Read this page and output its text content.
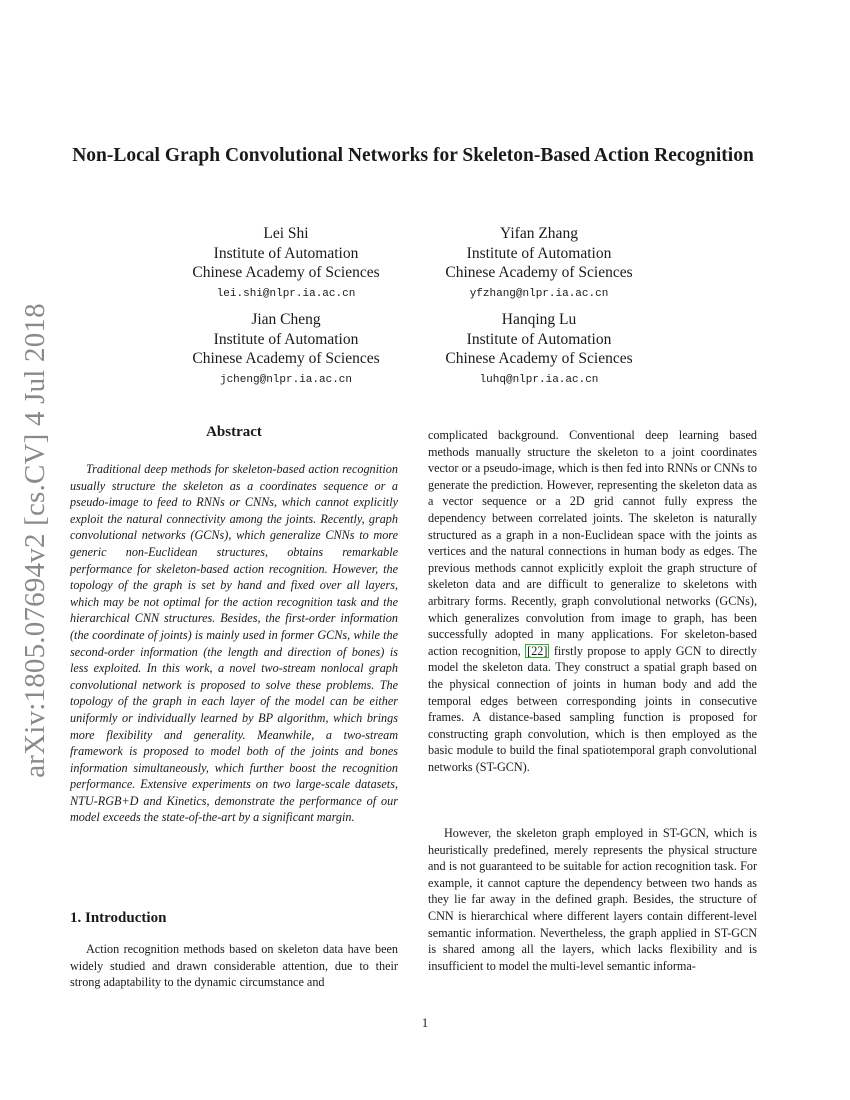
arXiv:1805.07694v2 [cs.CV] 4 Jul 2018
Non-Local Graph Convolutional Networks for Skeleton-Based Action Recognition
Lei Shi
Institute of Automation
Chinese Academy of Sciences
lei.shi@nlpr.ia.ac.cn
Yifan Zhang
Institute of Automation
Chinese Academy of Sciences
yfzhang@nlpr.ia.ac.cn
Jian Cheng
Institute of Automation
Chinese Academy of Sciences
jcheng@nlpr.ia.ac.cn
Hanqing Lu
Institute of Automation
Chinese Academy of Sciences
luhq@nlpr.ia.ac.cn
Abstract

Traditional deep methods for skeleton-based action recognition usually structure the skeleton as a coordinates sequence or a pseudo-image to feed to RNNs or CNNs, which cannot explicitly exploit the natural connectivity among the joints. Recently, graph convolutional networks (GCNs), which generalize CNNs to more generic non-Euclidean structures, obtains remarkable performance for skeleton-based action recognition. However, the topology of the graph is set by hand and fixed over all layers, which may be not optimal for the action recognition task and the hierarchical CNN structures. Besides, the first-order information (the coordinate of joints) is mainly used in former GCNs, while the second-order information (the length and direction of bones) is less exploited. In this work, a novel two-stream nonlocal graph convolutional network is proposed to solve these problems. The topology of the graph in each layer of the model can be either uniformly or individually learned by BP algorithm, which brings more flexibility and generality. Meanwhile, a two-stream framework is proposed to model both of the joints and bones information simultaneously, which further boost the recognition performance. Extensive experiments on two large-scale datasets, NTU-RGB+D and Kinetics, demonstrate the performance of our model exceeds the state-of-the-art by a significant margin.

1. Introduction

Action recognition methods based on skeleton data have been widely studied and drawn considerable attention, due to their strong adaptability to the dynamic circumstance and

complicated background. Conventional deep learning based methods manually structure the skeleton to a joint coordinates vector or a pseudo-image, which is then fed into RNNs or CNNs to generate the prediction. However, representing the skeleton data as a vector sequence or a 2D grid cannot fully express the dependency between correlated joints. The skeleton is naturally structured as a graph in a non-Euclidean space with the joints as vertices and the natural connections in human body as edges. The previous methods cannot explicitly exploit the graph structure of skeleton data and are difficult to generalize to skeletons with arbitrary forms. Recently, graph convolutional networks (GCNs), which generalizes convolution from image to graph, has been successfully adopted in many applications. For skeleton-based action recognition, [22] firstly propose to apply GCN to directly model the skeleton data. They construct a spatial graph based on the physical connection of joints in human body and add the temporal edges between corresponding joints in consecutive frames. A distance-based sampling function is proposed for constructing graph convolution, which is then employed as the basic module to build the final spatiotemporal graph convolutional networks (ST-GCN).

However, the skeleton graph employed in ST-GCN, which is heuristically predefined, merely represents the physical structure and is not guaranteed to be suitable for action recognition task. For example, it cannot capture the dependency between two hands as they lie far away in the defined graph. Besides, the structure of CNN is hierarchical where different layers contain different-level semantic information. Nevertheless, the graph applied in ST-GCN is shared among all the layers, which lacks flexibility and is insufficient to model the multi-level semantic informa-

1
